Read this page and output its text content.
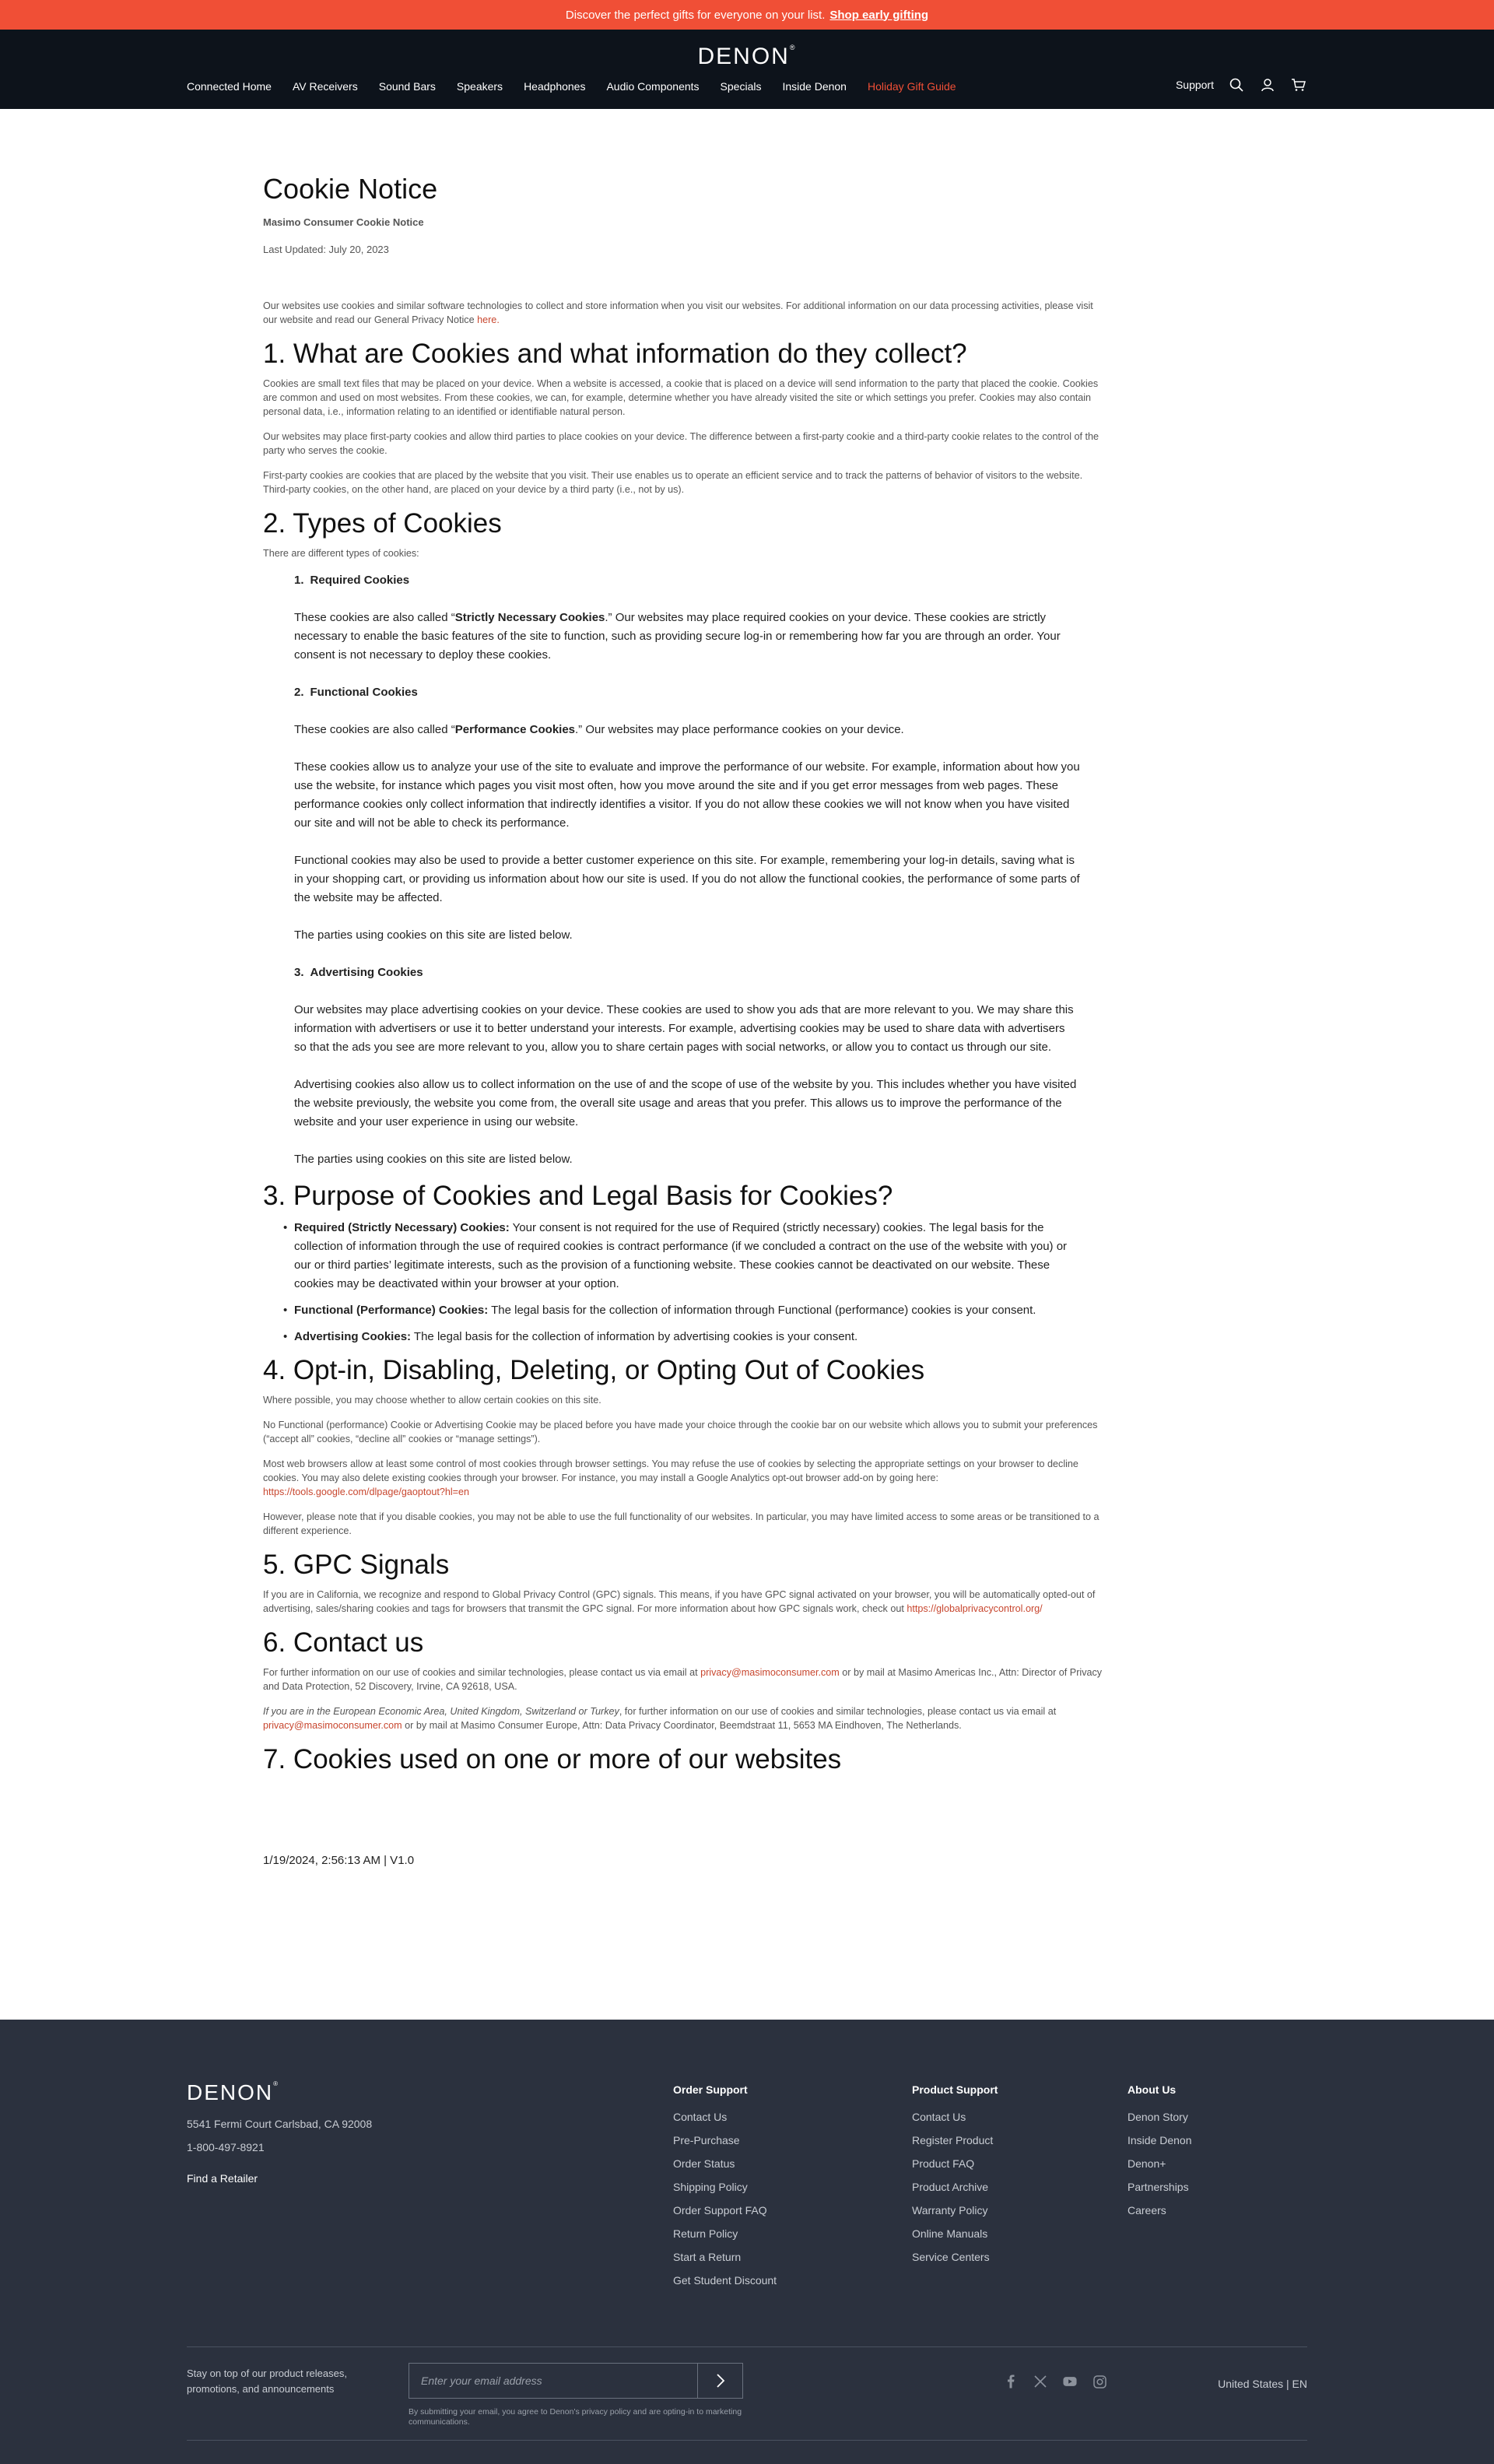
Discover the perfect gifts for everyone on your list. Shop early gifting
DENON®
Connected Home AV Receivers Sound Bars Speakers Headphones Audio Components Specials Inside Denon Holiday Gift Guide	Support
Cookie Notice
Masimo Consumer Cookie Notice
Last Updated: July 20, 2023

Our websites use cookies and similar software technologies to collect and store information when you visit our websites. For additional information on our data processing activities, please visit our website and read our General Privacy Notice here.

1. What are Cookies and what information do they collect?

Cookies are small text files that may be placed on your device. When a website is accessed, a cookie that is placed on a device will send information to the party that placed the cookie. Cookies are common and used on most websites. From these cookies, we can, for example, determine whether you have already visited the site or which settings you prefer. Cookies may also contain personal data, i.e., information relating to an identified or identifiable natural person.

Our websites may place first-party cookies and allow third parties to place cookies on your device. The difference between a first-party cookie and a third-party cookie relates to the control of the party who serves the cookie.

First-party cookies are cookies that are placed by the website that you visit. Their use enables us to operate an efficient service and to track the patterns of behavior of visitors to the website. Third-party cookies, on the other hand, are placed on your device by a third party (i.e., not by us).

2. Types of Cookies

There are different types of cookies:

1. Required Cookies

These cookies are also called “Strictly Necessary Cookies.” Our websites may place required cookies on your device. These cookies are strictly necessary to enable the basic features of the site to function, such as providing secure log-in or remembering how far you are through an order. Your consent is not necessary to deploy these cookies.

2. Functional Cookies

These cookies are also called “Performance Cookies.” Our websites may place performance cookies on your device.

These cookies allow us to analyze your use of the site to evaluate and improve the performance of our website. For example, information about how you use the website, for instance which pages you visit most often, how you move around the site and if you get error messages from web pages. These performance cookies only collect information that indirectly identifies a visitor. If you do not allow these cookies we will not know when you have visited our site and will not be able to check its performance.

Functional cookies may also be used to provide a better customer experience on this site. For example, remembering your log-in details, saving what is in your shopping cart, or providing us information about how our site is used. If you do not allow the functional cookies, the performance of some parts of the website may be affected.

The parties using cookies on this site are listed below.

3. Advertising Cookies

Our websites may place advertising cookies on your device. These cookies are used to show you ads that are more relevant to you. We may share this information with advertisers or use it to better understand your interests. For example, advertising cookies may be used to share data with advertisers so that the ads you see are more relevant to you, allow you to share certain pages with social networks, or allow you to contact us through our site.

Advertising cookies also allow us to collect information on the use of and the scope of use of the website by you. This includes whether you have visited the website previously, the website you come from, the overall site usage and areas that you prefer. This allows us to improve the performance of the website and your user experience in using our website.

The parties using cookies on this site are listed below.

3. Purpose of Cookies and Legal Basis for Cookies?
• Required (Strictly Necessary) Cookies: Your consent is not required for the use of Required (strictly necessary) cookies. The legal basis for the collection of information through the use of required cookies is contract performance (if we concluded a contract on the use of the website with you) or our or third parties’ legitimate interests, such as the provision of a functioning website. These cookies cannot be deactivated on our website. These cookies may be deactivated within your browser at your option.
• Functional (Performance) Cookies: The legal basis for the collection of information through Functional (performance) cookies is your consent.
• Advertising Cookies: The legal basis for the collection of information by advertising cookies is your consent.
4. Opt-in, Disabling, Deleting, or Opting Out of Cookies

Where possible, you may choose whether to allow certain cookies on this site.

No Functional (performance) Cookie or Advertising Cookie may be placed before you have made your choice through the cookie bar on our website which allows you to submit your preferences (“accept all” cookies, “decline all” cookies or “manage settings”).

Most web browsers allow at least some control of most cookies through browser settings. You may refuse the use of cookies by selecting the appropriate settings on your browser to decline cookies. You may also delete existing cookies through your browser. For instance, you may install a Google Analytics opt-out browser add-on by going here: https://tools.google.com/dlpage/gaoptout?hl=en

However, please note that if you disable cookies, you may not be able to use the full functionality of our websites. In particular, you may have limited access to some areas or be transitioned to a different experience.

5. GPC Signals

If you are in California, we recognize and respond to Global Privacy Control (GPC) signals. This means, if you have GPC signal activated on your browser, you will be automatically opted-out of advertising, sales/sharing cookies and tags for browsers that transmit the GPC signal. For more information about how GPC signals work, check out https://globalprivacycontrol.org/

6. Contact us

For further information on our use of cookies and similar technologies, please contact us via email at privacy@masimoconsumer.com or by mail at Masimo Americas Inc., Attn: Director of Privacy and Data Protection, 52 Discovery, Irvine, CA 92618, USA.

If you are in the European Economic Area, United Kingdom, Switzerland or Turkey, for further information on our use of cookies and similar technologies, please contact us via email at privacy@masimoconsumer.com or by mail at Masimo Consumer Europe, Attn: Data Privacy Coordinator, Beemdstraat 11, 5653 MA Eindhoven, The Netherlands.

7. Cookies used on one or more of our websites
1/19/2024, 2:56:13 AM | V1.0
DENON®
5541 Fermi Court Carlsbad, CA 92008
1-800-497-8921
Find a Retailer
Order Support
Contact Us
Pre-Purchase
Order Status
Shipping Policy
Order Support FAQ
Return Policy
Start a Return
Get Student Discount
Product Support
Contact Us
Register Product
Product FAQ
Product Archive
Warranty Policy
Online Manuals
Service Centers
About Us
Denon Story
Inside Denon
Denon+
Partnerships
Careers
Stay on top of our product releases, promotions, and announcements
Enter your email address
By submitting your email, you agree to Denon's privacy policy and are opting-in to marketing communications.
United States | EN
